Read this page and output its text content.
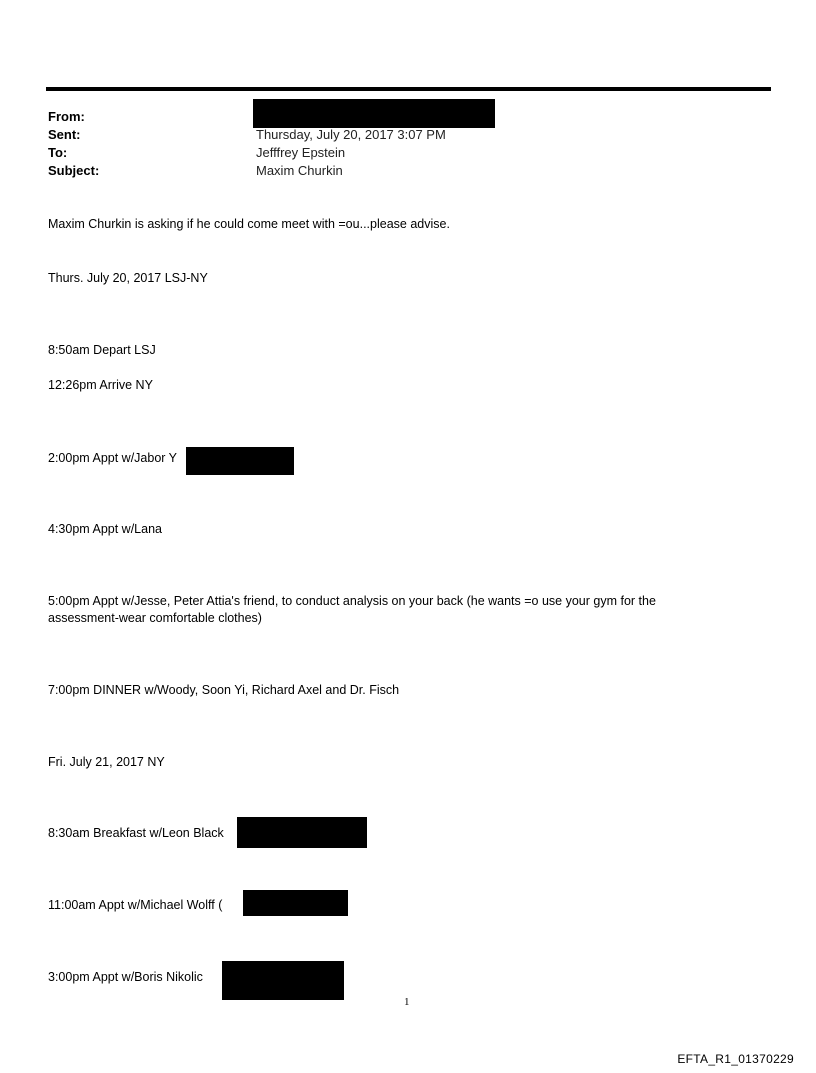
From:
Sent:	Thursday, July 20, 2017 3:07 PM
To:	Jefffrey Epstein
Subject:	Maxim Churkin
Maxim Churkin is asking if he could come meet with =ou...please advise.
Thurs. July 20, 2017 LSJ-NY
8:50am Depart LSJ
12:26pm Arrive NY
2:00pm Appt w/Jabor Y
4:30pm Appt w/Lana
5:00pm Appt w/Jesse, Peter Attia's friend, to conduct analysis on your back (he wants =o use your gym for the assessment-wear comfortable clothes)
7:00pm DINNER w/Woody, Soon Yi, Richard Axel and Dr. Fisch
Fri. July 21, 2017 NY
8:30am Breakfast w/Leon Black
11:00am Appt w/Michael Wolff (
3:00pm Appt w/Boris Nikolic
1
EFTA_R1_01370229
